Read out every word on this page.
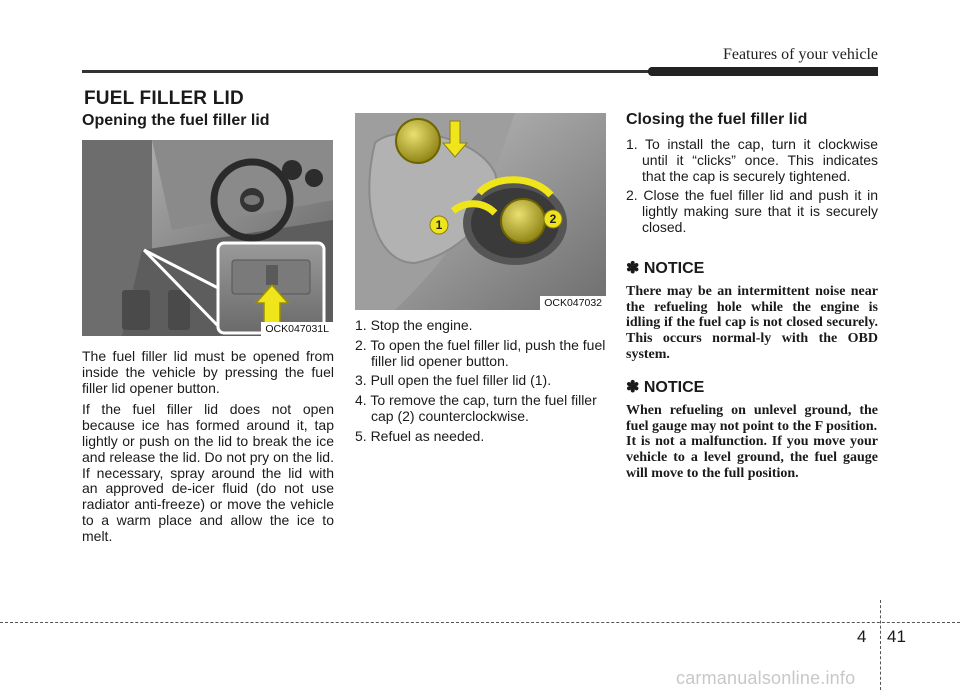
Features of your vehicle
FUEL FILLER LID
Opening the fuel filler lid
OCK047031L

The fuel filler lid must be opened from inside the vehicle by pressing the fuel filler lid opener button.

If the fuel filler lid does not open because ice has formed around it, tap lightly or push on the lid to break the ice and release the lid. Do not pry on the lid. If necessary, spray around the lid with an approved de-icer fluid (do not use radiator anti-freeze) or move the vehicle to a warm place and allow the ice to melt.

1	2
OCK047032
1. Stop the engine.
2. To open the fuel filler lid, push the fuel filler lid opener button.
3. Pull open the fuel filler lid (1).
4. To remove the cap, turn the fuel filler cap (2) counterclockwise.
5. Refuel as needed.
Closing the fuel filler lid
1. To install the cap, turn it clockwise until it “clicks” once. This indicates that the cap is securely tightened.
2. Close the fuel filler lid and push it in lightly making sure that it is securely closed.
✽ NOTICE

There may be an intermittent noise near the refueling hole while the engine is idling if the fuel cap is not closed securely. This occurs normal-ly with the OBD system.

✽ NOTICE

When refueling on unlevel ground, the fuel gauge may not point to the F position.
It is not a malfunction. If you move your vehicle to a level ground, the fuel gauge will move to the full position.

4 41
carmanualsonline.info
